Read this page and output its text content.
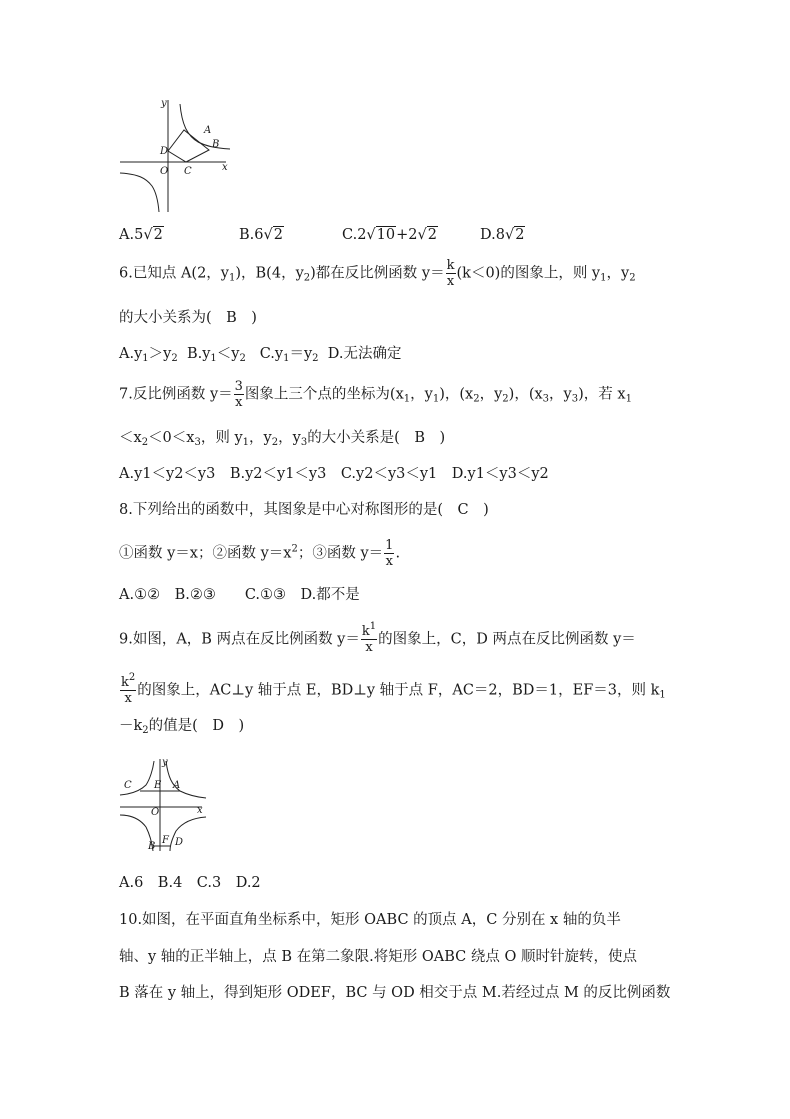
y
A
B
D
O C	x
A.5√2	B.6√2	C.2√10+2√2	D.8√2
6.已知点 A(2，$y_1$)，B(4，$y_2$)都在反比例函数 $y= \frac{k}{x} (k<0)$的图象上，则 $y_1$，$y_2$
的大小关系为(　B　)
$A.y_1>y_2$ $B.y_1<y_2$ $C.y_1=y_2$ D.无法确定
7.反比例函数 $y= \frac{3}{x}$ 图象上三个点的坐标为($x_1$，$y_1$)，($x_2$，$y_2$)，($x_3$，$y_3$)，若 $x_1$
$<x_2<0<x_3$，则 $y_1$，$y_2$，$y_3$的大小关系是(　B　)
A.y1＜y2＜y3　B.y2＜y1＜y3　C.y2＜y3＜y1　D.y1＜y3＜y2
8.下列给出的函数中，其图象是中心对称图形的是(　C　)
①函数 y＝x；②函数 $y=x^2$；③函数 $y= \frac{1}{x}$ .
A.①②　B.②③　　C.①③　D.都不是
9.如图，A，B 两点在反比例函数 $y= \frac{k^1}{x}$ 的图象上，C，D 两点在反比例函数 y＝
$\frac{k^2}{x}$ 的图象上，AC⊥y 轴于点 E，BD⊥y 轴于点 F，AC＝2，BD＝1，EF＝3，则 $k_1$
$-k_2$的值是(　D　)
y
C E A
O	x
B
F D
A.6　B.4　C.3　D.2
10.如图，在平面直角坐标系中，矩形 OABC 的顶点 A，C 分别在 x 轴的负半
轴、y 轴的正半轴上，点 B 在第二象限.将矩形 OABC 绕点 O 顺时针旋转，使点
B 落在 y 轴上，得到矩形 ODEF，BC 与 OD 相交于点 M.若经过点 M 的反比例函数
